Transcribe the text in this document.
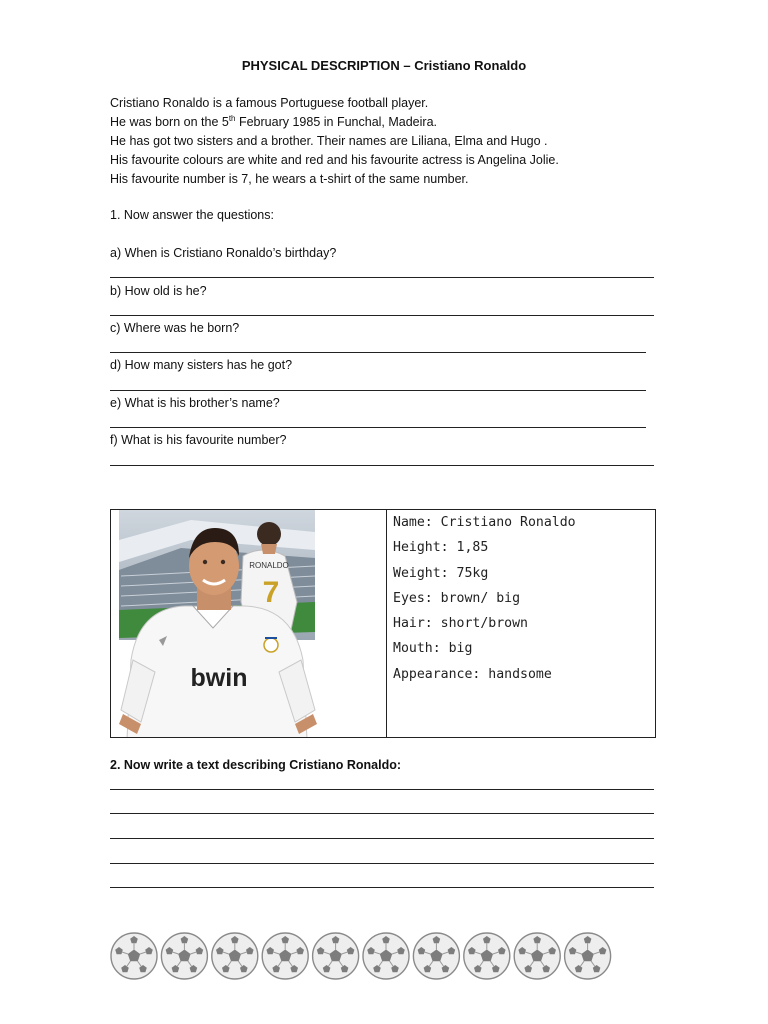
PHYSICAL DESCRIPTION – Cristiano Ronaldo
Cristiano Ronaldo is a famous Portuguese football player.
He was born on the 5th February 1985 in Funchal, Madeira.
He has got two sisters and a brother. Their names are Liliana, Elma and Hugo .
His favourite colours are white and red and his favourite actress is Angelina Jolie.
His favourite number is 7, he wears a t-shirt of the same number.
1. Now answer the questions:
a) When is Cristiano Ronaldo’s birthday?
b) How old is he?
c) Where was he born?
d) How many sisters has he got?
e) What is his brother’s name?
f) What is his favourite number?
RONALDO
7
bwin
Name: Cristiano Ronaldo
Height: 1,85
Weight: 75kg
Eyes: brown/ big
Hair: short/brown
Mouth: big
Appearance: handsome
2. Now write a text describing Cristiano Ronaldo:
